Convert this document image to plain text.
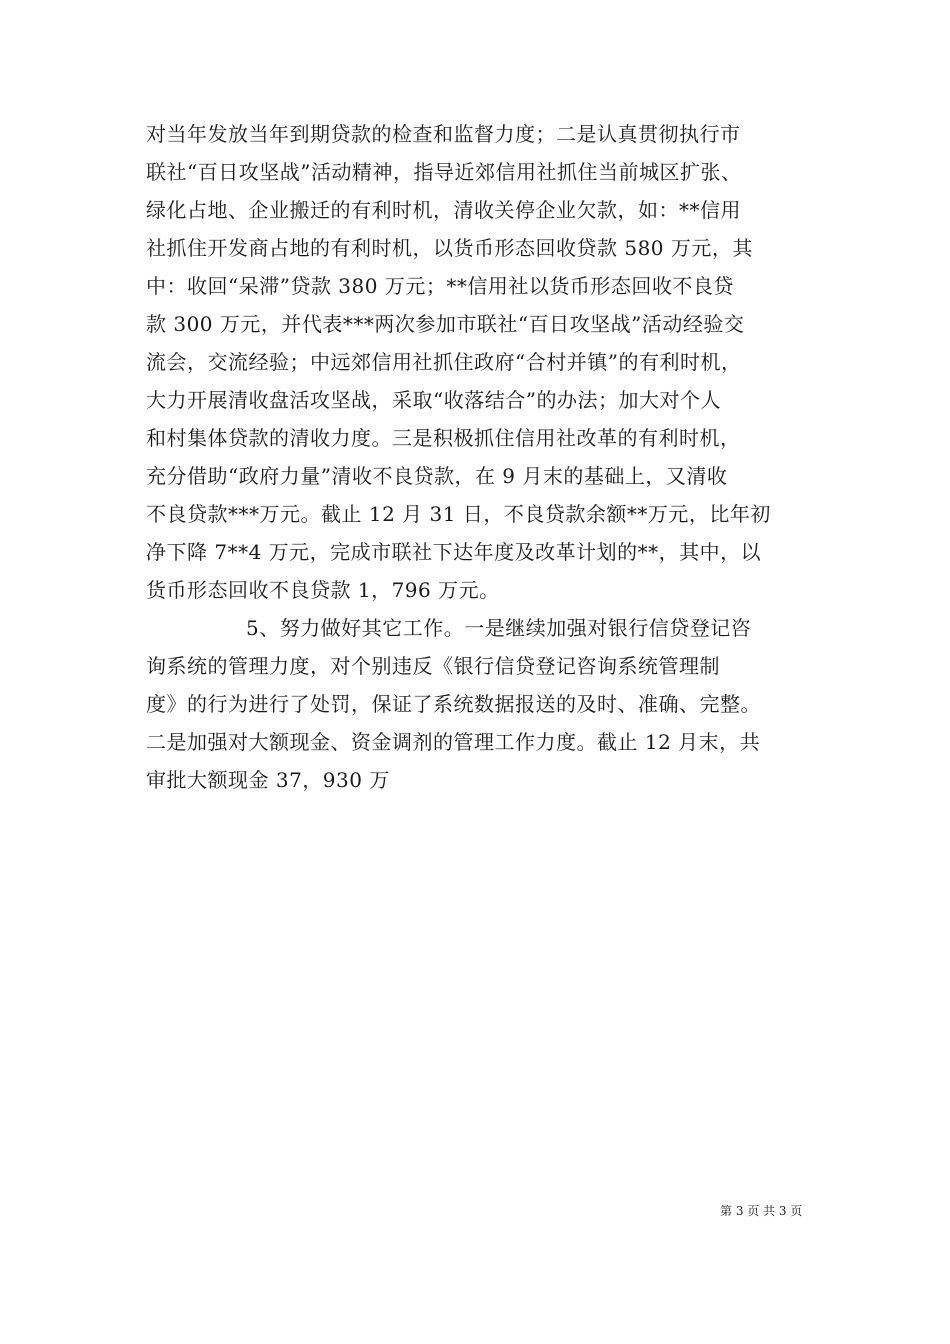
对当年发放当年到期贷款的检查和监督力度；二是认真贯彻执行市
联社“百日攻坚战”活动精神，指导近郊信用社抓住当前城区扩张、
绿化占地、企业搬迁的有利时机，清收关停企业欠款，如：**信用
社抓住开发商占地的有利时机，以货币形态回收贷款 580 万元，其
中：收回“呆滞”贷款 380 万元；**信用社以货币形态回收不良贷
款 300 万元，并代表***两次参加市联社“百日攻坚战”活动经验交
流会，交流经验；中远郊信用社抓住政府“合村并镇”的有利时机，
大力开展清收盘活攻坚战，采取“收落结合”的办法；加大对个人
和村集体贷款的清收力度。三是积极抓住信用社改革的有利时机，
充分借助“政府力量”清收不良贷款，在 9 月末的基础上，又清收
不良贷款***万元。截止 12 月 31 日，不良贷款余额**万元，比年初
净下降 7**4 万元，完成市联社下达年度及改革计划的**，其中，以
货币形态回收不良贷款 1，796 万元。
5、努力做好其它工作。一是继续加强对银行信贷登记咨
询系统的管理力度，对个别违反《银行信贷登记咨询系统管理制
度》的行为进行了处罚，保证了系统数据报送的及时、准确、完整。
二是加强对大额现金、资金调剂的管理工作力度。截止 12 月末，共
审批大额现金 37，930 万
第 3 页 共 3 页
